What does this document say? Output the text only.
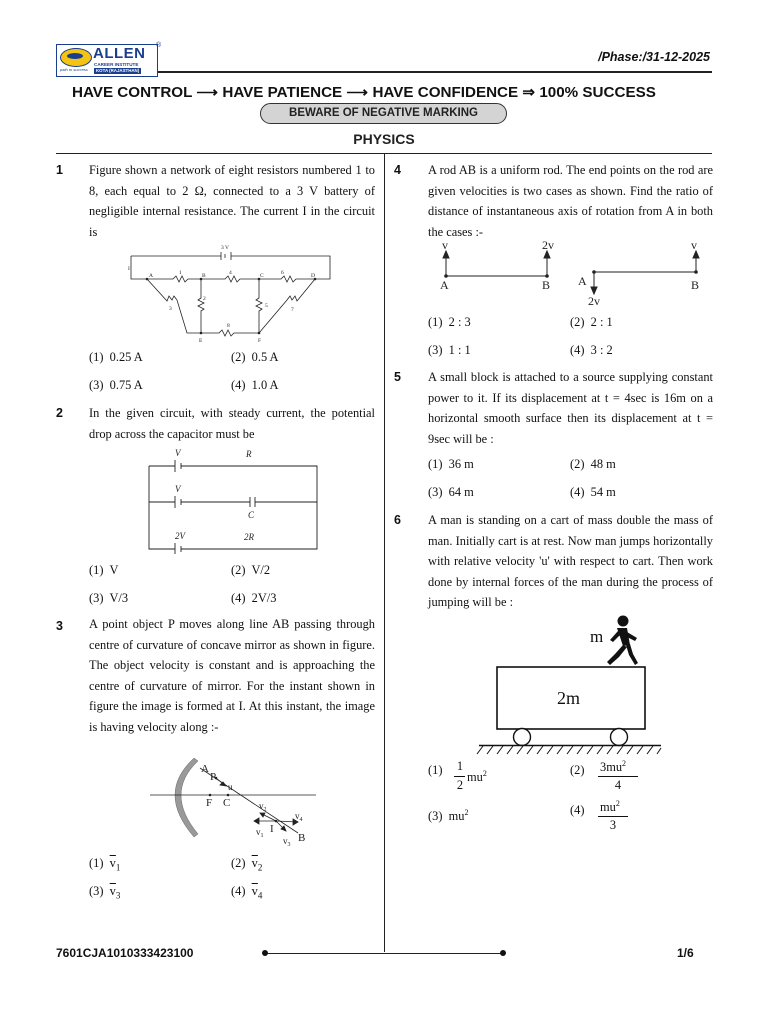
path to success
ALLEN
CAREER INSTITUTE
KOTA (RAJASTHAN)
®
/Phase:/31-12-2025
HAVE CONTROL ⟶ HAVE PATIENCE ⟶ HAVE CONFIDENCE ⇒ 100% SUCCESS
BEWARE OF NEGATIVE MARKING
PHYSICS
1 Figure shown a network of eight resistors numbered 1 to 8, each equal to 2 Ω, connected to a 3 V battery of negligible internal resistance. The current I in the circuit is
3 V
I
A	B	C	D
E	F
1
2
3
4
5
6
7
8
(1) 0.25 A	(2) 0.5 A
(3) 0.75 A	(4) 1.0 A
2 In the given circuit, with steady current, the potential drop across the capacitor must be
V	R
V
C
2V	2R
(1) V	(2) V/2
(3) V/3	(4) 2V/3
3 A point object P moves along line AB passing through centre of curvature of concave mirror as shown in figure. The object velocity is constant and is approaching the centre of curvature of mirror. For the instant shown in figure the image is formed at I. At this instant, the image is having velocity along :-
A
P
F C
I
B
u
$v_2$
$v_4$
$v_1$ $v_3$
(1) $\overline{v}_1$	(2) $\overline{v}_2$
(3) $\overline{v}_3$	(4) $\overline{v}_4$
4 A rod AB is a uniform rod. The end points on the rod are given velocities is two cases as shown. Find the ratio of distance of instantaneous axis of rotation from A in both the cases :-
v	2v
A	B A
2v
v
B
(1) 2 : 3	(2) 2 : 1
(3) 1 : 1	(4) 3 : 2
5 A small block is attached to a source supplying constant power to it. If its displacement at t = 4sec is 16m on a horizontal smooth surface then its displacement at t = 9sec will be :
(1) 36 m	(2) 48 m
(3) 64 m	(4) 54 m
6 A man is standing on a cart of mass double the mass of man. Initially cart is at rest. Now man jumps horizontally with relative velocity 'u' with respect to cart. Then work done by internal forces of the man during the process of jumping will be :
m
2m
(1) 1
2
$mu^2$	(2) $3mu^2$
4
(3) $mu^2$	(4) $mu^2$
3
7601CJA1010333423100	1/6
